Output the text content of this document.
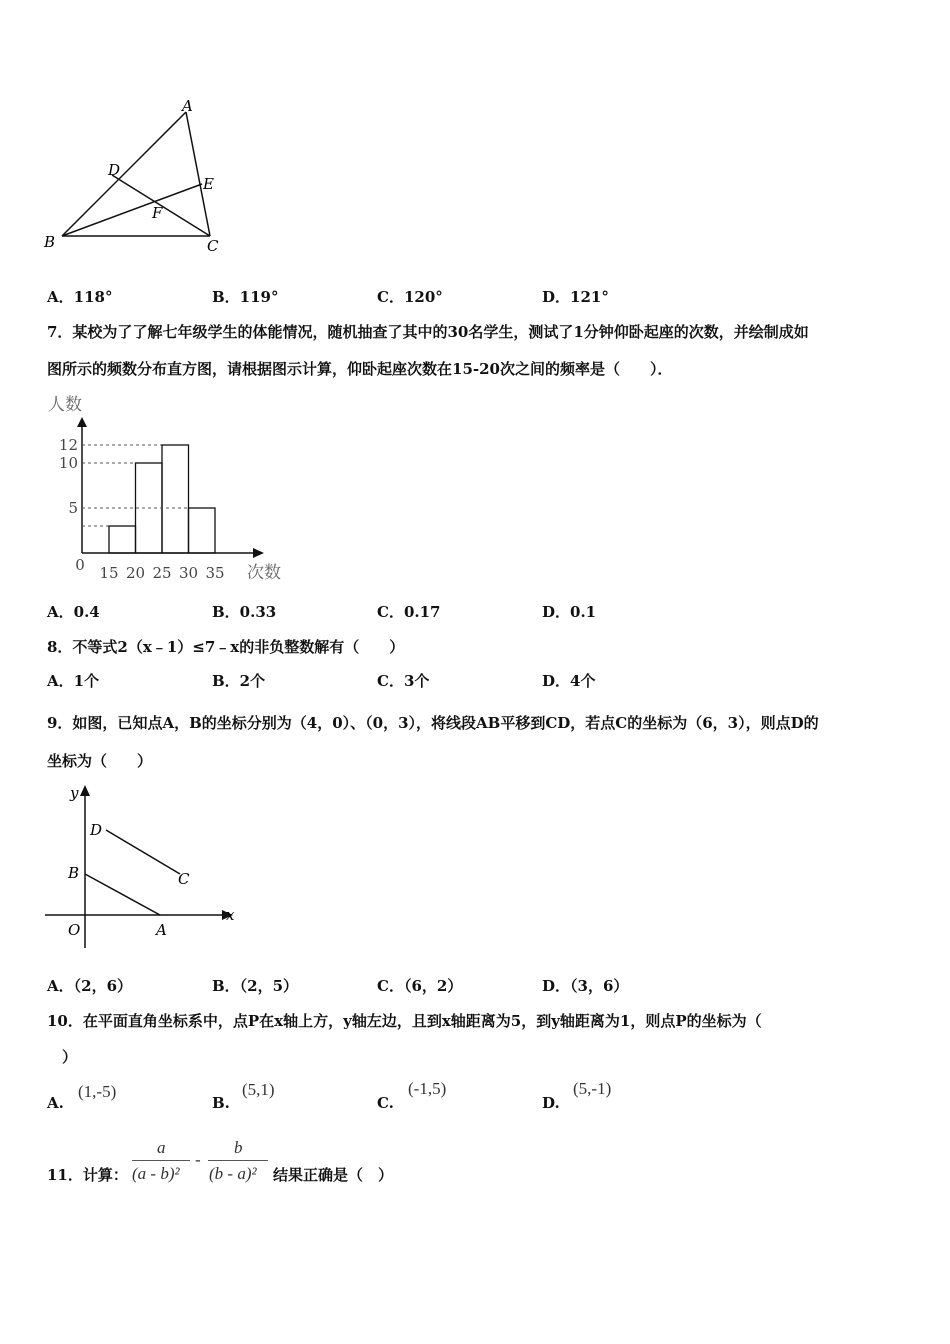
A
B	C
D
E
F
A．118°	B．119°	C．120°	D．121°
7．某校为了了解七年级学生的体能情况，随机抽查了其中的30名学生，测试了1分钟仰卧起座的次数，并绘制成如
图所示的频数分布直方图，请根据图示计算，仰卧起座次数在15-20次之间的频率是（　　）．
人数
次数
5
10
12
0 15 20 25 30 35
A．0.4	B．0.33	C．0.17	D．0.1
8．不等式2（x﹣1）≤7﹣x的非负整数解有（　　）
A．1个	B．2个	C．3个	D．4个
9．如图，已知点A，B的坐标分别为（4，0）、（0，3），将线段AB平移到CD，若点C的坐标为（6，3），则点D的
坐标为（　　）
y
x
O	A
B	C
D
A．（2，6）	B．（2，5）	C．（6，2）	D．（3，6）
10．在平面直角坐标系中，点P在x轴上方，y轴左边，且到x轴距离为5，到y轴距离为1，则点P的坐标为（
）
A.
(1,-5)
B.
(5,1)
C.
(-1,5)
D.
(5,-1)
11．计算：
a
(a - b)²
-
b
(b - a)² 结果正确是（　）
